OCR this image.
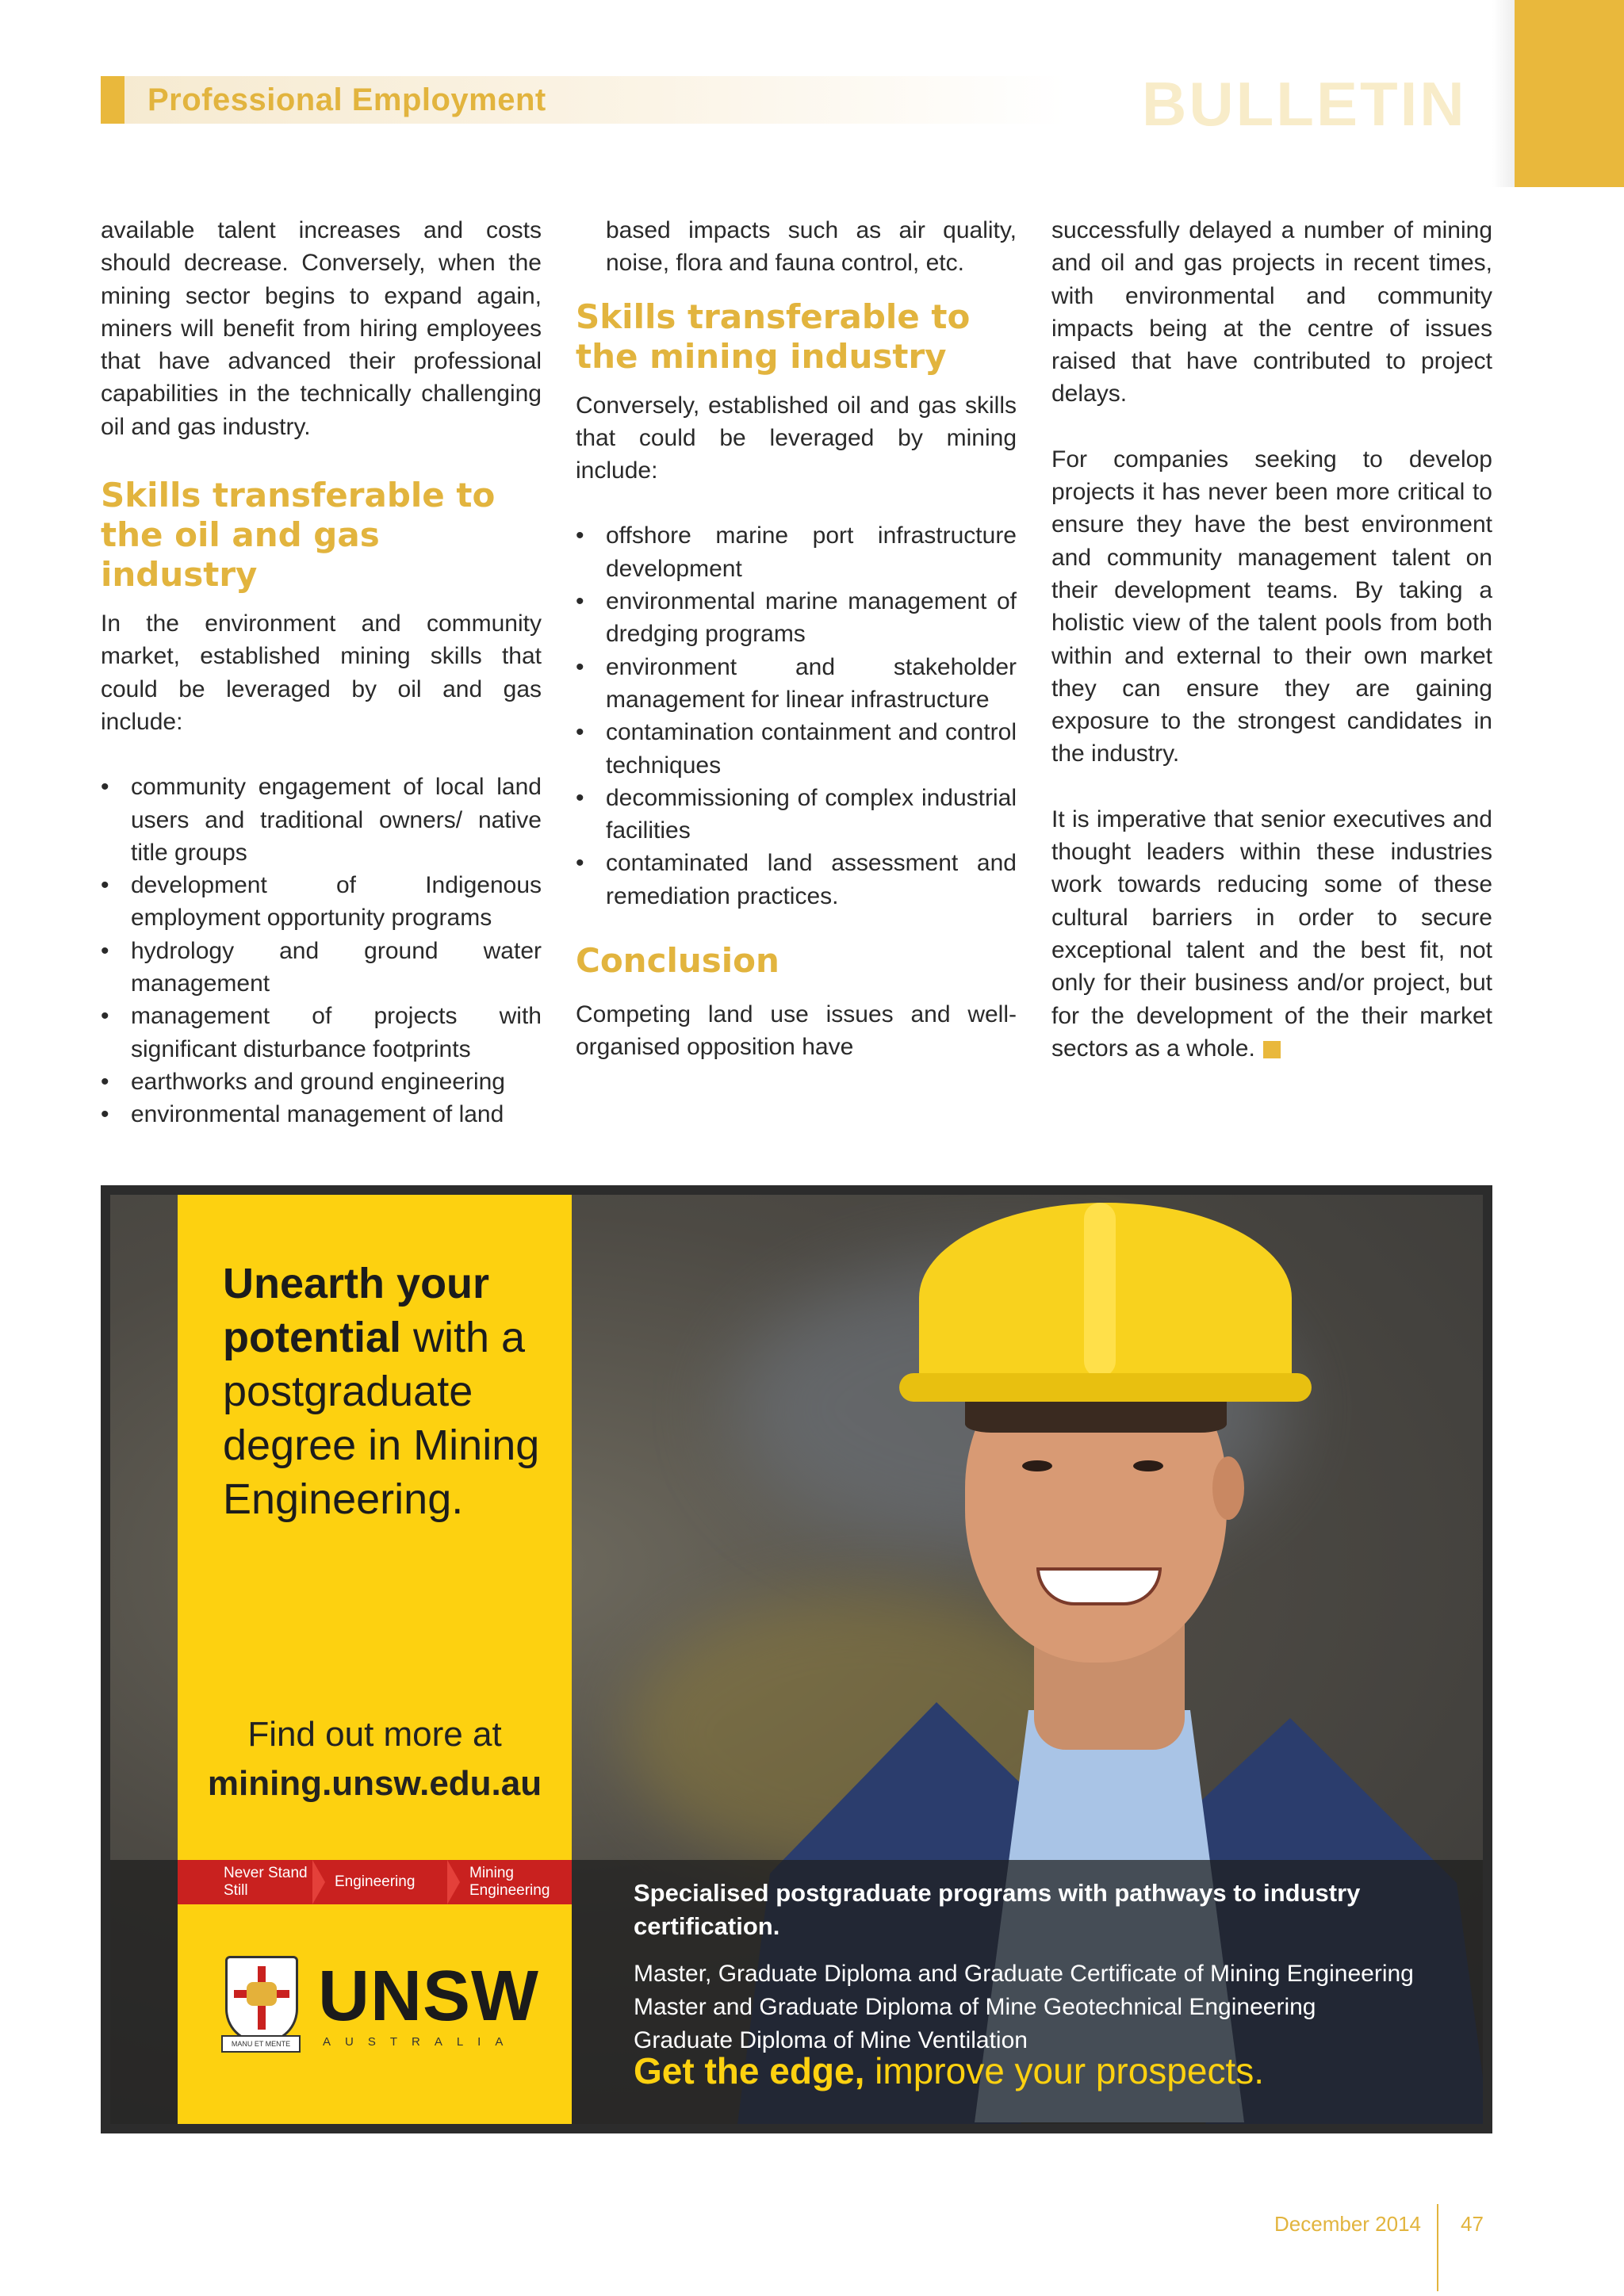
Professional Employment	BULLETIN

available talent increases and costs should decrease. Conversely, when the mining sector begins to expand again, miners will benefit from hiring employees that have advanced their professional capabilities in the technically challenging oil and gas industry.

Skills transferable to the oil and gas industry

In the environment and community market, established mining skills that could be leveraged by oil and gas include:

• community engagement of local land users and traditional owners/ native title groups
• development of Indigenous employment opportunity programs
• hydrology and ground water management
• management of projects with significant disturbance footprints
• earthworks and ground engineering
• environmental management of land

based impacts such as air quality, noise, flora and fauna control, etc.

Skills transferable to the mining industry

Conversely, established oil and gas skills that could be leveraged by mining include:

• offshore marine port infrastructure development
• environmental marine management of dredging programs
• environment and stakeholder management for linear infrastructure
• contamination containment and control techniques
• decommissioning of complex industrial facilities
• contaminated land assessment and remediation practices.
Conclusion

Competing land use issues and well-organised opposition have

successfully delayed a number of mining and oil and gas projects in recent times, with environmental and community impacts being at the centre of issues raised that have contributed to project delays.

For companies seeking to develop projects it has never been more critical to ensure they have the best environment and community management talent on their development teams. By taking a holistic view of the talent pools from both within and external to their own market they can ensure they are gaining exposure to the strongest candidates in the industry.

It is imperative that senior executives and thought leaders within these industries work towards reducing some of these cultural barriers in order to secure exceptional talent and the best fit, not only for their business and/or project, but for the development of the their market sectors as a whole.

Unearth your
potential with a postgraduate degree in Mining Engineering.
Find out more at
mining.unsw.edu.au
Never Stand Still
Engineering
Mining Engineering
MANU ET MENTE
UNSW
AUSTRALIA
Specialised postgraduate programs with pathways to industry certification.
Master, Graduate Diploma and Graduate Certificate of Mining Engineering
Master and Graduate Diploma of Mine Geotechnical Engineering
Graduate Diploma of Mine Ventilation
Get the edge, improve your prospects.
December 2014 47
